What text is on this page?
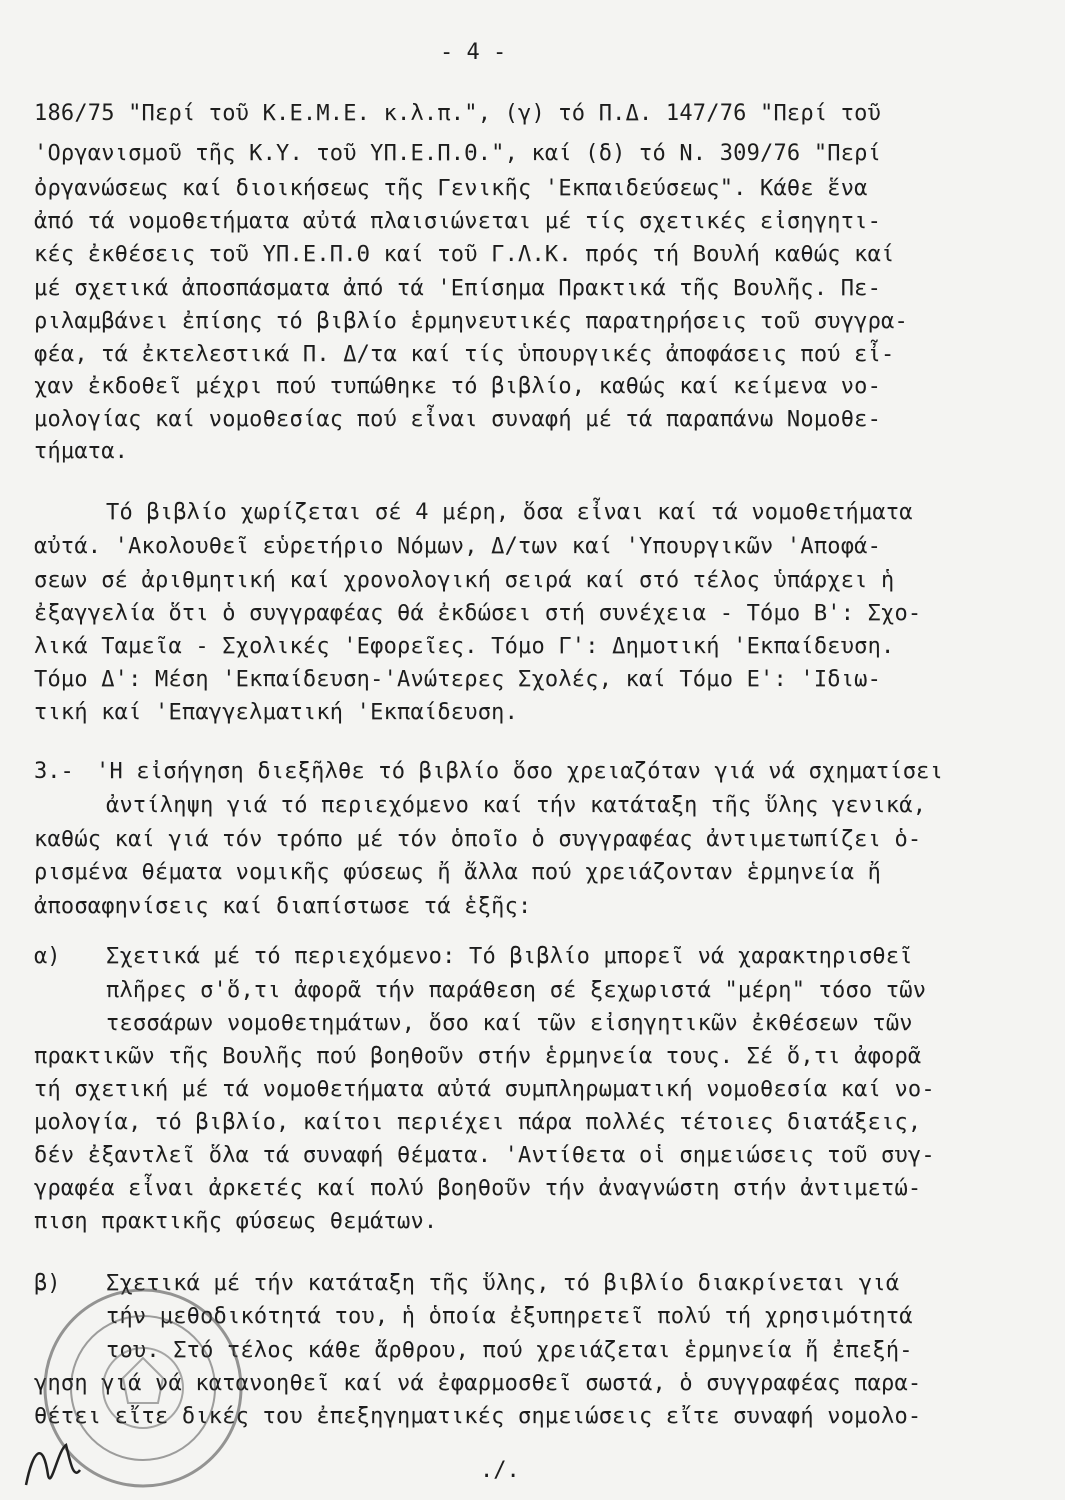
- 4 -
186/75 "Περί τοῦ Κ.Ε.Μ.Ε. κ.λ.π.", (γ) τό Π.Δ. 147/76 "Περί τοῦ
'Οργανισμοῦ τῆς Κ.Υ. τοῦ ΥΠ.Ε.Π.Θ.", καί (δ) τό Ν. 309/76 "Περί
ὀργανώσεως καί διοικήσεως τῆς Γενικῆς 'Εκπαιδεύσεως". Κάθε ἕνα
ἀπό τά νομοθετήματα αὐτά πλαισιώνεται μέ τίς σχετικές εἰσηγητι-
κές ἐκθέσεις τοῦ ΥΠ.Ε.Π.Θ καί τοῦ Γ.Λ.Κ. πρός τή Βουλή καθώς καί
μέ σχετικά ἀποσπάσματα ἀπό τά 'Επίσημα Πρακτικά τῆς Βουλῆς. Πε-
ριλαμβάνει ἐπίσης τό βιβλίο ἑρμηνευτικές παρατηρήσεις τοῦ συγγρα-
φέα, τά ἐκτελεστικά Π. Δ/τα καί τίς ὑπουργικές ἀποφάσεις πού εἶ-
χαν ἐκδοθεῖ μέχρι πού τυπώθηκε τό βιβλίο, καθώς καί κείμενα νο-
μολογίας καί νομοθεσίας πού εἶναι συναφή μέ τά παραπάνω Νομοθε-
τήματα.
Τό βιβλίο χωρίζεται σέ 4 μέρη, ὅσα εἶναι καί τά νομοθετήματα
αὐτά. 'Ακολουθεῖ εὑρετήριο Νόμων, Δ/των καί 'Υπουργικῶν 'Αποφά-
σεων σέ ἀριθμητική καί χρονολογική σειρά καί στό τέλος ὑπάρχει ἡ
ἐξαγγελία ὅτι ὁ συγγραφέας θά ἐκδώσει στή συνέχεια - Τόμο Β': Σχο-
λικά Ταμεῖα - Σχολικές 'Εφορεῖες. Τόμο Γ': Δημοτική 'Εκπαίδευση.
Τόμο Δ': Μέση 'Εκπαίδευση-'Ανώτερες Σχολές, καί Τόμο Ε': 'Ιδιω-
τική καί 'Επαγγελματική 'Εκπαίδευση.
3.- 'Η εἰσήγηση διεξῆλθε τό βιβλίο ὅσο χρειαζόταν γιά νά σχηματίσει
ἀντίληψη γιά τό περιεχόμενο καί τήν κατάταξη τῆς ὕλης γενικά,
καθώς καί γιά τόν τρόπο μέ τόν ὁποῖο ὁ συγγραφέας ἀντιμετωπίζει ὁ-
ρισμένα θέματα νομικῆς φύσεως ἤ ἄλλα πού χρειάζονταν ἑρμηνεία ἤ
ἀποσαφηνίσεις καί διαπίστωσε τά ἑξῆς:
α) Σχετικά μέ τό περιεχόμενο: Τό βιβλίο μπορεῖ νά χαρακτηρισθεῖ
πλῆρες σ'ὅ,τι ἀφορᾶ τήν παράθεση σέ ξεχωριστά "μέρη" τόσο τῶν
τεσσάρων νομοθετημάτων, ὅσο καί τῶν εἰσηγητικῶν ἐκθέσεων τῶν
πρακτικῶν τῆς Βουλῆς πού βοηθοῦν στήν ἑρμηνεία τους. Σέ ὅ,τι ἀφορᾶ
τή σχετική μέ τά νομοθετήματα αὐτά συμπληρωματική νομοθεσία καί νο-
μολογία, τό βιβλίο, καίτοι περιέχει πάρα πολλές τέτοιες διατάξεις,
δέν ἐξαντλεῖ ὅλα τά συναφή θέματα. 'Αντίθετα οἱ σημειώσεις τοῦ συγ-
γραφέα εἶναι ἀρκετές καί πολύ βοηθοῦν τήν ἀναγνώστη στήν ἀντιμετώ-
πιση πρακτικῆς φύσεως θεμάτων.
β) Σχετικά μέ τήν κατάταξη τῆς ὕλης, τό βιβλίο διακρίνεται γιά
τήν μεθοδικότητά του, ἡ ὁποία ἐξυπηρετεῖ πολύ τή χρησιμότητά
του. Στό τέλος κάθε ἄρθρου, πού χρειάζεται ἑρμηνεία ἤ ἐπεξή-
γηση γιά νά κατανοηθεῖ καί νά ἐφαρμοσθεῖ σωστά, ὁ συγγραφέας παρα-
θέτει εἴτε δικές του ἐπεξηγηματικές σημειώσεις εἴτε συναφή νομολο-
./.
